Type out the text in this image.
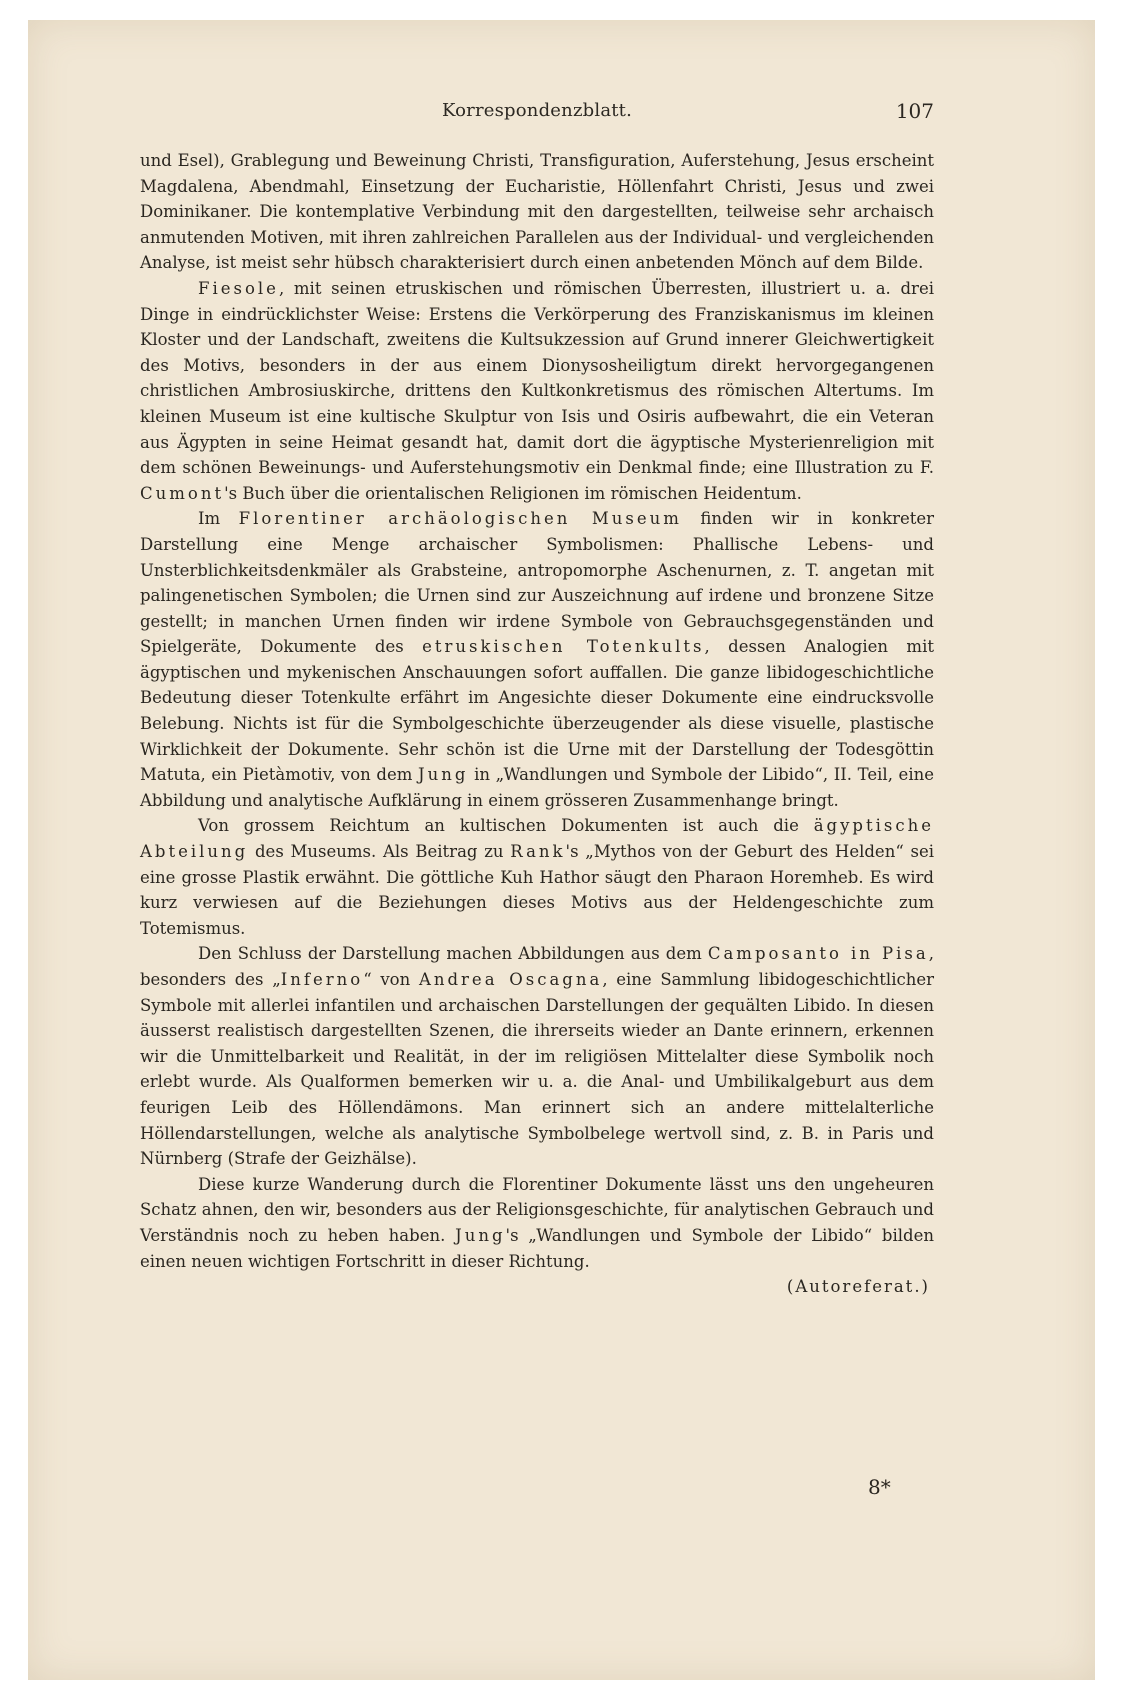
Korrespondenzblatt.	107

und Esel), Grablegung und Beweinung Christi, Transfiguration, Auferstehung, Jesus erscheint Magdalena, Abendmahl, Einsetzung der Eucharistie, Höllenfahrt Christi, Jesus und zwei Dominikaner. Die kontemplative Verbindung mit den dargestellten, teilweise sehr archaisch anmutenden Motiven, mit ihren zahlreichen Parallelen aus der Individual- und vergleichenden Analyse, ist meist sehr hübsch charakterisiert durch einen anbetenden Mönch auf dem Bilde.

Fiesole, mit seinen etruskischen und römischen Überresten, illustriert u. a. drei Dinge in eindrücklichster Weise: Erstens die Verkörperung des Franziskanismus im kleinen Kloster und der Landschaft, zweitens die Kultsukzession auf Grund innerer Gleichwertigkeit des Motivs, besonders in der aus einem Dionysosheiligtum direkt hervorgegangenen christlichen Ambrosiuskirche, drittens den Kultkonkretismus des römischen Altertums. Im kleinen Museum ist eine kultische Skulptur von Isis und Osiris aufbewahrt, die ein Veteran aus Ägypten in seine Heimat gesandt hat, damit dort die ägyptische Mysterienreligion mit dem schönen Beweinungs- und Auferstehungsmotiv ein Denkmal finde; eine Illustration zu F. Cumont's Buch über die orientalischen Religionen im römischen Heidentum.

Im Florentiner archäologischen Museum finden wir in konkreter Darstellung eine Menge archaischer Symbolismen: Phallische Lebens- und Unsterblichkeitsdenkmäler als Grabsteine, antropomorphe Aschenurnen, z. T. angetan mit palingenetischen Symbolen; die Urnen sind zur Auszeichnung auf irdene und bronzene Sitze gestellt; in manchen Urnen finden wir irdene Symbole von Gebrauchsgegenständen und Spielgeräte, Dokumente des etruskischen Totenkults, dessen Analogien mit ägyptischen und mykenischen Anschauungen sofort auffallen. Die ganze libidogeschichtliche Bedeutung dieser Totenkulte erfährt im Angesichte dieser Dokumente eine eindrucksvolle Belebung. Nichts ist für die Symbolgeschichte überzeugender als diese visuelle, plastische Wirklichkeit der Dokumente. Sehr schön ist die Urne mit der Darstellung der Todesgöttin Matuta, ein Pietàmotiv, von dem Jung in „Wandlungen und Symbole der Libido“, II. Teil, eine Abbildung und analytische Aufklärung in einem grösseren Zusammenhange bringt.

Von grossem Reichtum an kultischen Dokumenten ist auch die ägyptische Abteilung des Museums. Als Beitrag zu Rank's „Mythos von der Geburt des Helden“ sei eine grosse Plastik erwähnt. Die göttliche Kuh Hathor säugt den Pharaon Horemheb. Es wird kurz verwiesen auf die Beziehungen dieses Motivs aus der Heldengeschichte zum Totemismus.

Den Schluss der Darstellung machen Abbildungen aus dem Camposanto in Pisa, besonders des „Inferno“ von Andrea Oscagna, eine Sammlung libidogeschichtlicher Symbole mit allerlei infantilen und archaischen Darstellungen der gequälten Libido. In diesen äusserst realistisch dargestellten Szenen, die ihrerseits wieder an Dante erinnern, erkennen wir die Unmittelbarkeit und Realität, in der im religiösen Mittelalter diese Symbolik noch erlebt wurde. Als Qualformen bemerken wir u. a. die Anal- und Umbilikalgeburt aus dem feurigen Leib des Höllendämons. Man erinnert sich an andere mittelalterliche Höllendarstellungen, welche als analytische Symbolbelege wertvoll sind, z. B. in Paris und Nürnberg (Strafe der Geizhälse).

Diese kurze Wanderung durch die Florentiner Dokumente lässt uns den ungeheuren Schatz ahnen, den wir, besonders aus der Religionsgeschichte, für analytischen Gebrauch und Verständnis noch zu heben haben. Jung's „Wandlungen und Symbole der Libido“ bilden einen neuen wichtigen Fortschritt in dieser Richtung.

(Autoreferat.)

8*
